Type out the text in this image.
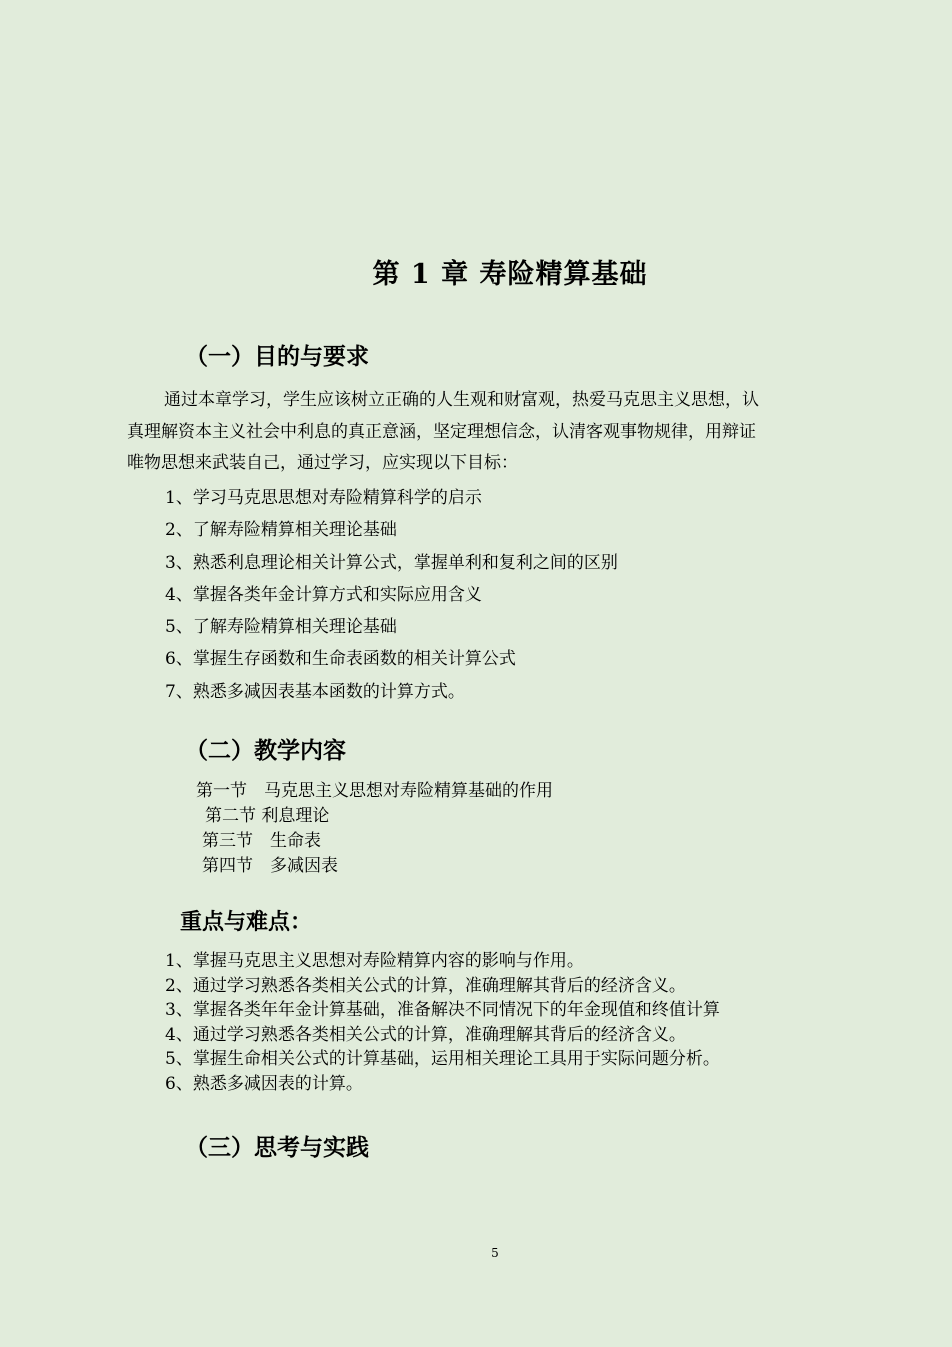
第 1 章 寿险精算基础
（一）目的与要求
通过本章学习，学生应该树立正确的人生观和财富观，热爱马克思主义思想，认
真理解资本主义社会中利息的真正意涵，坚定理想信念，认清客观事物规律，用辩证
唯物思想来武装自己，通过学习，应实现以下目标：
1、学习马克思思想对寿险精算科学的启示
2、了解寿险精算相关理论基础
3、熟悉利息理论相关计算公式，掌握单利和复利之间的区别
4、掌握各类年金计算方式和实际应用含义
5、了解寿险精算相关理论基础
6、掌握生存函数和生命表函数的相关计算公式
7、熟悉多减因表基本函数的计算方式。
（二）教学内容
第一节　马克思主义思想对寿险精算基础的作用
第二节 利息理论
第三节　生命表
第四节　多减因表
重点与难点：
1、掌握马克思主义思想对寿险精算内容的影响与作用。
2、通过学习熟悉各类相关公式的计算，准确理解其背后的经济含义。
3、掌握各类年年金计算基础，准备解决不同情况下的年金现值和终值计算
4、通过学习熟悉各类相关公式的计算，准确理解其背后的经济含义。
5、掌握生命相关公式的计算基础，运用相关理论工具用于实际问题分析。
6、熟悉多减因表的计算。
（三）思考与实践
5
